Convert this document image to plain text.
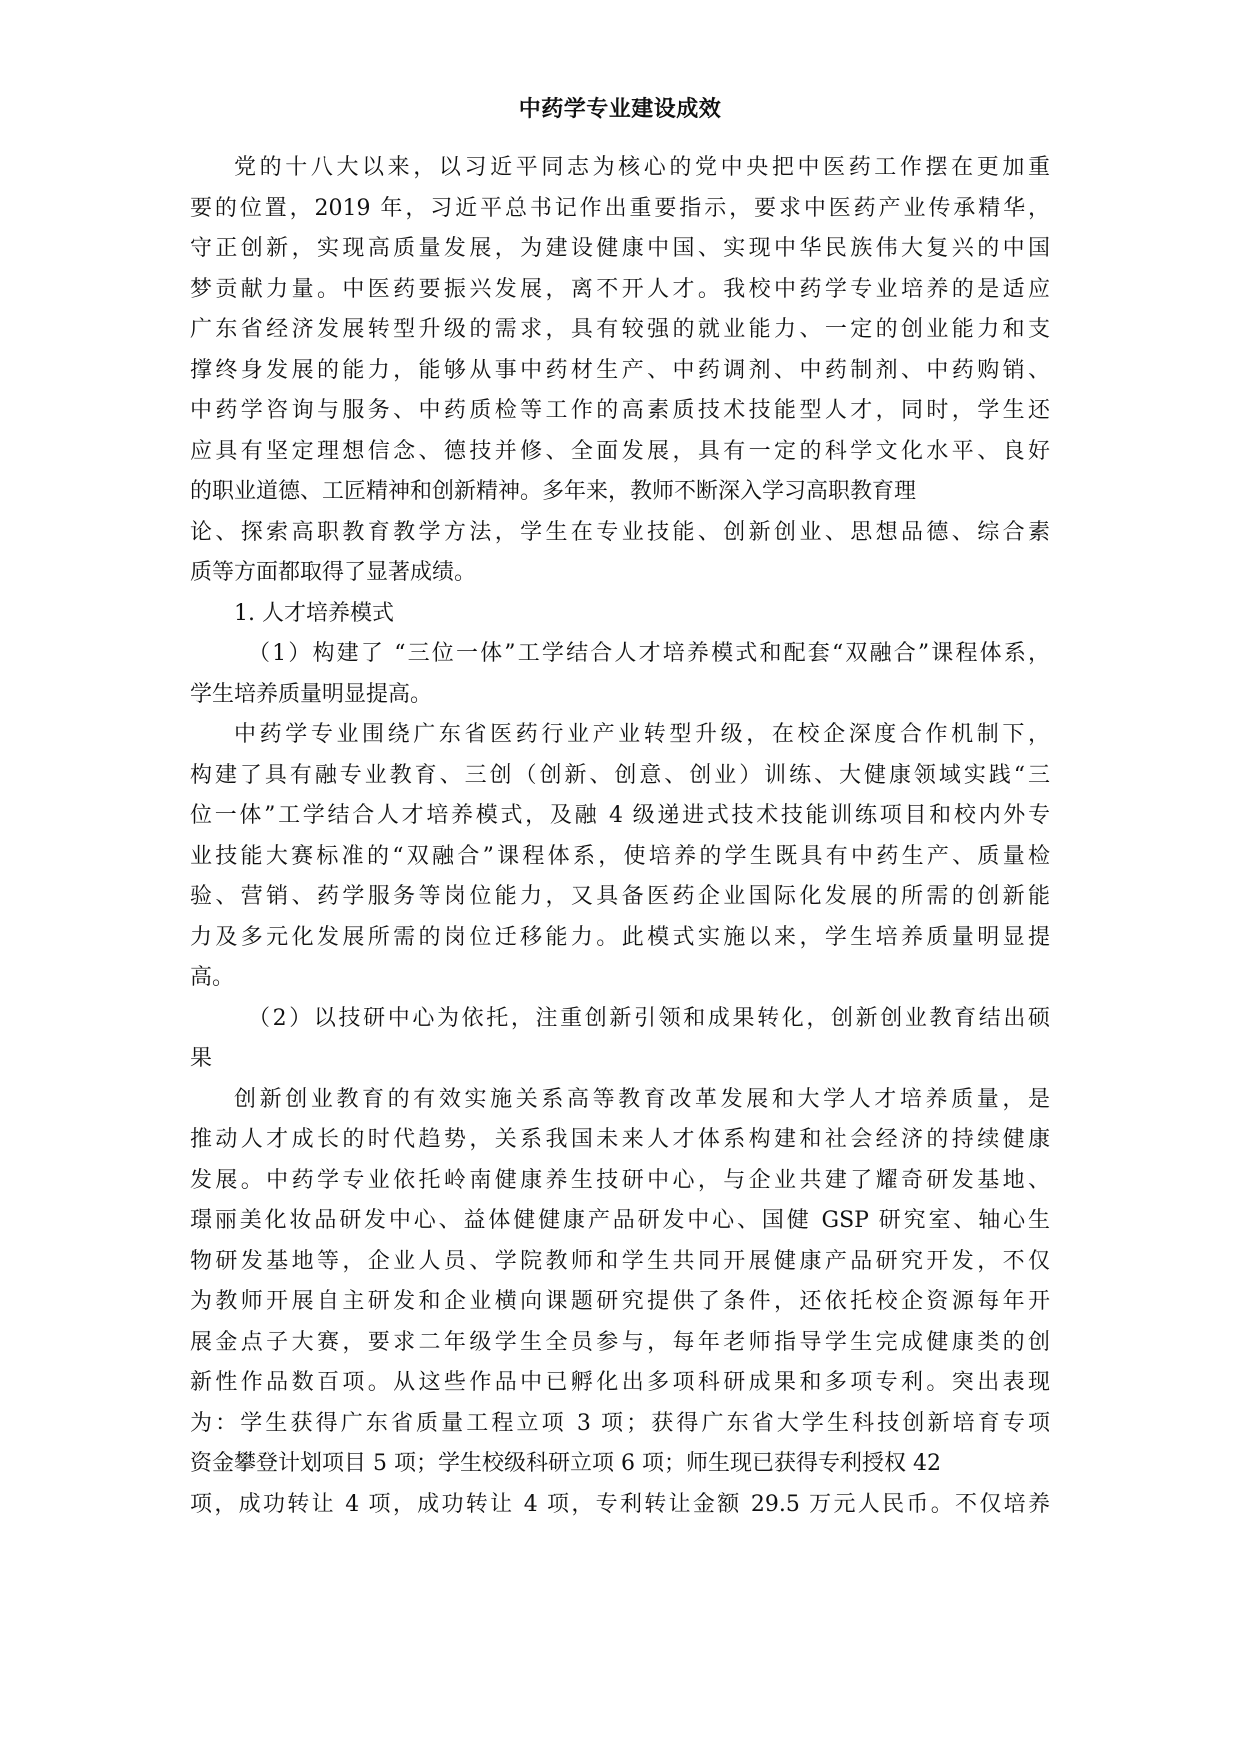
中药学专业建设成效
党的十八大以来，以习近平同志为核心的党中央把中医药工作摆在更加重
要的位置，2019 年，习近平总书记作出重要指示，要求中医药产业传承精华，
守正创新，实现高质量发展，为建设健康中国、实现中华民族伟大复兴的中国
梦贡献力量。中医药要振兴发展，离不开人才。我校中药学专业培养的是适应
广东省经济发展转型升级的需求，具有较强的就业能力、一定的创业能力和支
撑终身发展的能力，能够从事中药材生产、中药调剂、中药制剂、中药购销、
中药学咨询与服务、中药质检等工作的高素质技术技能型人才，同时，学生还
应具有坚定理想信念、德技并修、全面发展，具有一定的科学文化水平、良好
的职业道德、工匠精神和创新精神。多年来，教师不断深入学习高职教育理
论、探索高职教育教学方法，学生在专业技能、创新创业、思想品德、综合素
质等方面都取得了显著成绩。
1. 人才培养模式
（1）构建了 “三位一体”工学结合人才培养模式和配套“双融合”课程体系，
学生培养质量明显提高。
中药学专业围绕广东省医药行业产业转型升级，在校企深度合作机制下，
构建了具有融专业教育、三创（创新、创意、创业）训练、大健康领域实践“三
位一体”工学结合人才培养模式，及融 4 级递进式技术技能训练项目和校内外专
业技能大赛标准的“双融合”课程体系，使培养的学生既具有中药生产、质量检
验、营销、药学服务等岗位能力，又具备医药企业国际化发展的所需的创新能
力及多元化发展所需的岗位迁移能力。此模式实施以来，学生培养质量明显提
高。
（2）以技研中心为依托，注重创新引领和成果转化，创新创业教育结出硕
果
创新创业教育的有效实施关系高等教育改革发展和大学人才培养质量，是
推动人才成长的时代趋势，关系我国未来人才体系构建和社会经济的持续健康
发展。中药学专业依托岭南健康养生技研中心，与企业共建了耀奇研发基地、
璟丽美化妆品研发中心、益体健健康产品研发中心、国健 GSP 研究室、轴心生
物研发基地等，企业人员、学院教师和学生共同开展健康产品研究开发，不仅
为教师开展自主研发和企业横向课题研究提供了条件，还依托校企资源每年开
展金点子大赛，要求二年级学生全员参与，每年老师指导学生完成健康类的创
新性作品数百项。从这些作品中已孵化出多项科研成果和多项专利。突出表现
为：学生获得广东省质量工程立项 3 项；获得广东省大学生科技创新培育专项
资金攀登计划项目 5 项；学生校级科研立项 6 项；师生现已获得专利授权 42
项，成功转让 4 项，成功转让 4 项，专利转让金额 29.5 万元人民币。不仅培养
